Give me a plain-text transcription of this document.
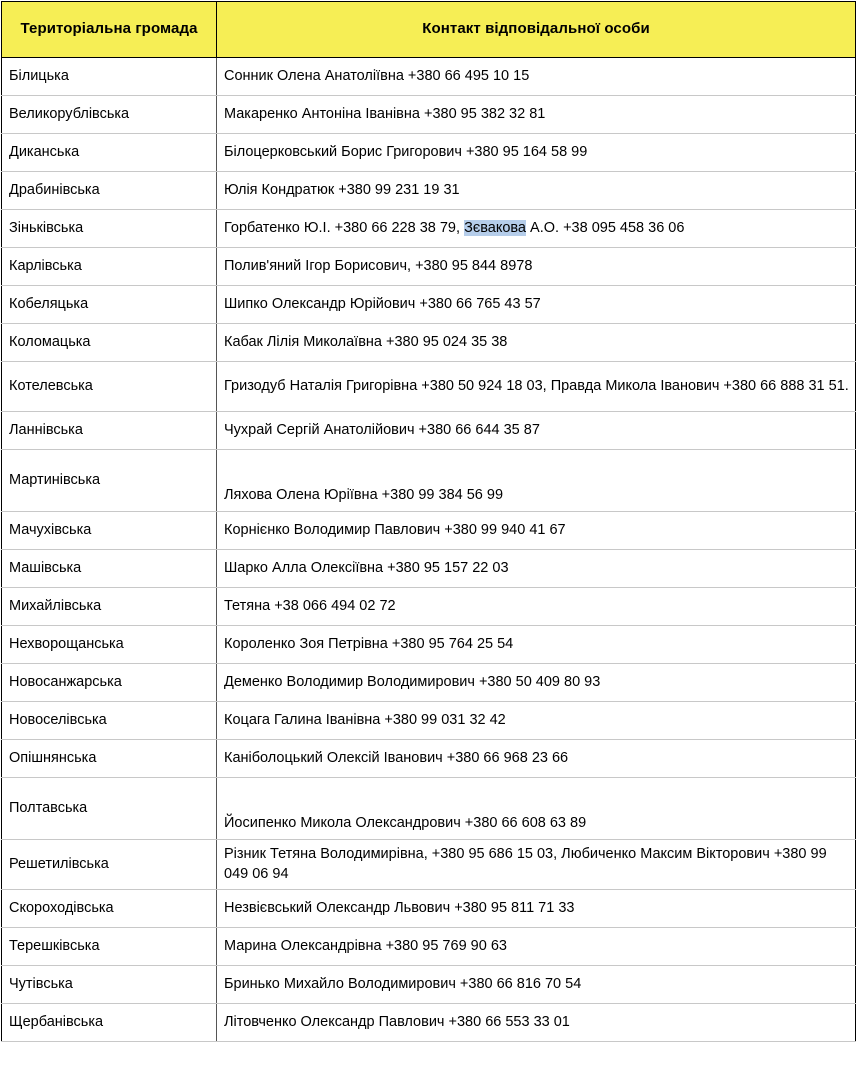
Територіальна громада	Контакт відповідальної особи
Білицька	Сонник Олена Анатоліївна +380 66 495 10 15
Великорублівська	Макаренко Антоніна Іванівна +380 95 382 32 81
Диканська	Білоцерковський Борис Григорович +380 95 164 58 99
Драбинівська	Юлія Кондратюк +380 99 231 19 31
Зіньківська	Горбатенко Ю.І. +380 66 228 38 79, Зєвакова А.О. +38 095 458 36 06
Карлівська	Полив'яний Ігор Борисович, +380 95 844 8978
Кобеляцька	Шипко Олександр Юрійович +380 66 765 43 57
Коломацька	Кабак Лілія Миколаївна +380 95 024 35 38
Котелевська	Гризодуб Наталія Григорівна +380 50 924 18 03, Правда Микола Іванович +380 66 888 31 51.
Ланнівська	Чухрай Сергій Анатолійович +380 66 644 35 87
Мартинівська	Ляхова Олена Юріївна +380 99 384 56 99
Мачухівська	Корнієнко Володимир Павлович +380 99 940 41 67
Машівська	Шарко Алла Олексіївна +380 95 157 22 03
Михайлівська	Тетяна +38 066 494 02 72
Нехворощанська	Короленко Зоя Петрівна +380 95 764 25 54
Новосанжарська	Деменко Володимир Володимирович +380 50 409 80 93
Новоселівська	Коцага Галина Іванівна +380 99 031 32 42
Опішнянська	Каніболоцький Олексій Іванович +380 66 968 23 66
Полтавська	Йосипенко Микола Олександрович +380 66 608 63 89
Решетилівська	Різник Тетяна Володимирівна, +380 95 686 15 03, Любиченко Максим Вікторович +380 99 049 06 94
Скороходівська	Незвієвський Олександр Львович +380 95 811 71 33
Терешківська	Марина Олександрівна +380 95 769 90 63
Чутівська	Бринько Михайло Володимирович +380 66 816 70 54
Щербанівська	Літовченко Олександр Павлович +380 66 553 33 01
